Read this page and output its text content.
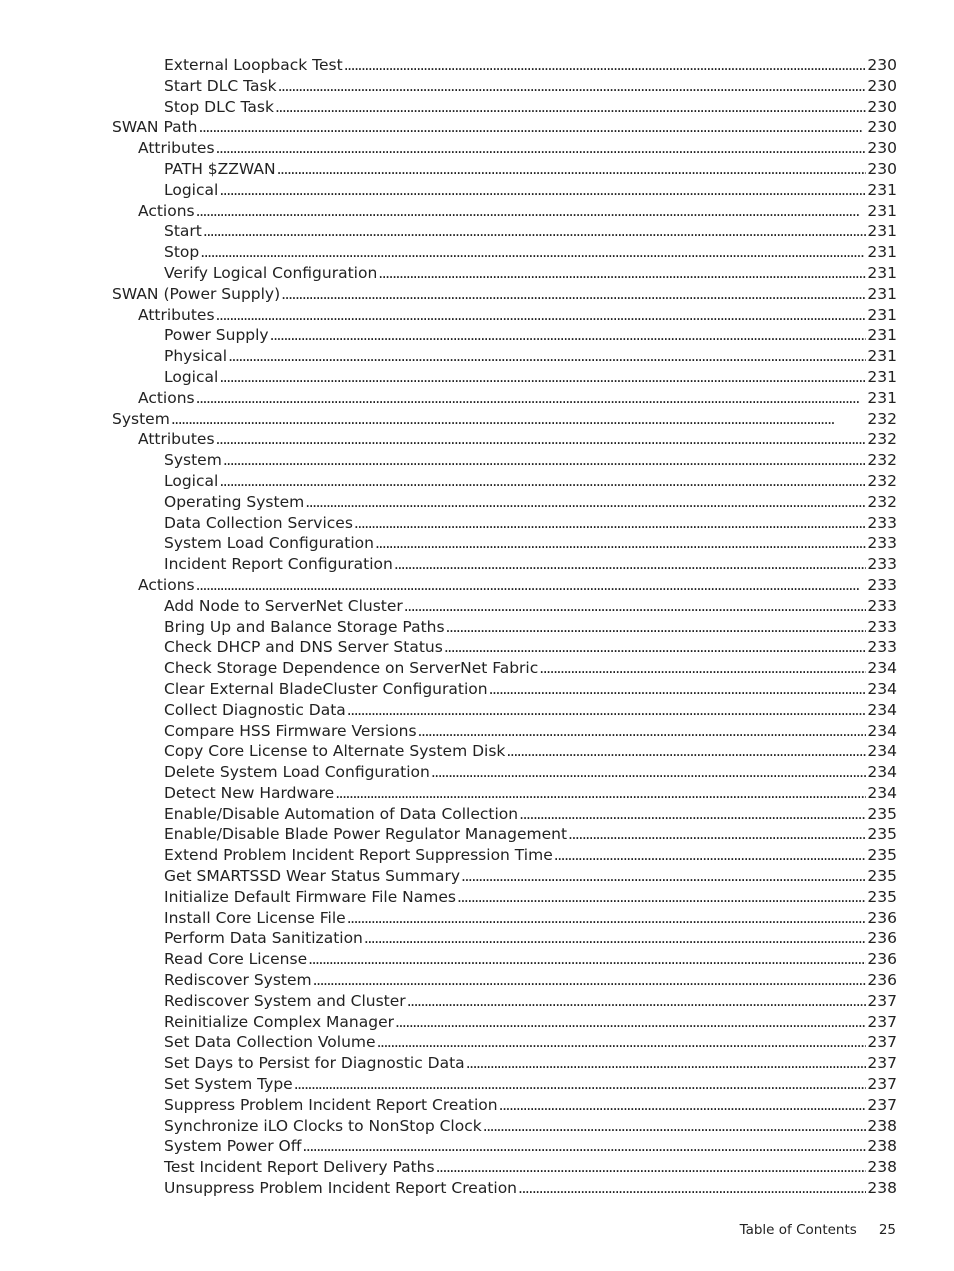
External Loopback Test . . .	230
Start DLC Task . . .	230
Stop DLC Task . . .	230
SWAN Path . . .	230
Attributes . . .	230
PATH $ZZWAN . . .	230
Logical . . .	231
Actions . . .	231
Start . . .	231
Stop . . .	231
Verify Logical Configuration . . .	231
SWAN (Power Supply) . . .	231
Attributes . . .	231
Power Supply . . .	231
Physical . . .	231
Logical . . .	231
Actions . . .	231
System . . .	232
Attributes . . .	232
System . . .	232
Logical . . .	232
Operating System . . .	232
Data Collection Services . . .	233
System Load Configuration . . .	233
Incident Report Configuration . . .	233
Actions . . .	233
Add Node to ServerNet Cluster . . .	233
Bring Up and Balance Storage Paths . . .	233
Check DHCP and DNS Server Status . . .	233
Check Storage Dependence on ServerNet Fabric . . .	234
Clear External BladeCluster Configuration . . .	234
Collect Diagnostic Data . . .	234
Compare HSS Firmware Versions . . .	234
Copy Core License to Alternate System Disk . . .	234
Delete System Load Configuration . . .	234
Detect New Hardware . . .	234
Enable/Disable Automation of Data Collection . . .	235
Enable/Disable Blade Power Regulator Management . . .	235
Extend Problem Incident Report Suppression Time . . .	235
Get SMARTSSD Wear Status Summary . . .	235
Initialize Default Firmware File Names . . .	235
Install Core License File . . .	236
Perform Data Sanitization . . .	236
Read Core License . . .	236
Rediscover System . . .	236
Rediscover System and Cluster . . .	237
Reinitialize Complex Manager . . .	237
Set Data Collection Volume . . .	237
Set Days to Persist for Diagnostic Data . . .	237
Set System Type . . .	237
Suppress Problem Incident Report Creation . . .	237
Synchronize iLO Clocks to NonStop Clock . . .	238
System Power Off . . .	238
Test Incident Report Delivery Paths . . .	238
Unsuppress Problem Incident Report Creation . . .	238
Table of Contents 25
